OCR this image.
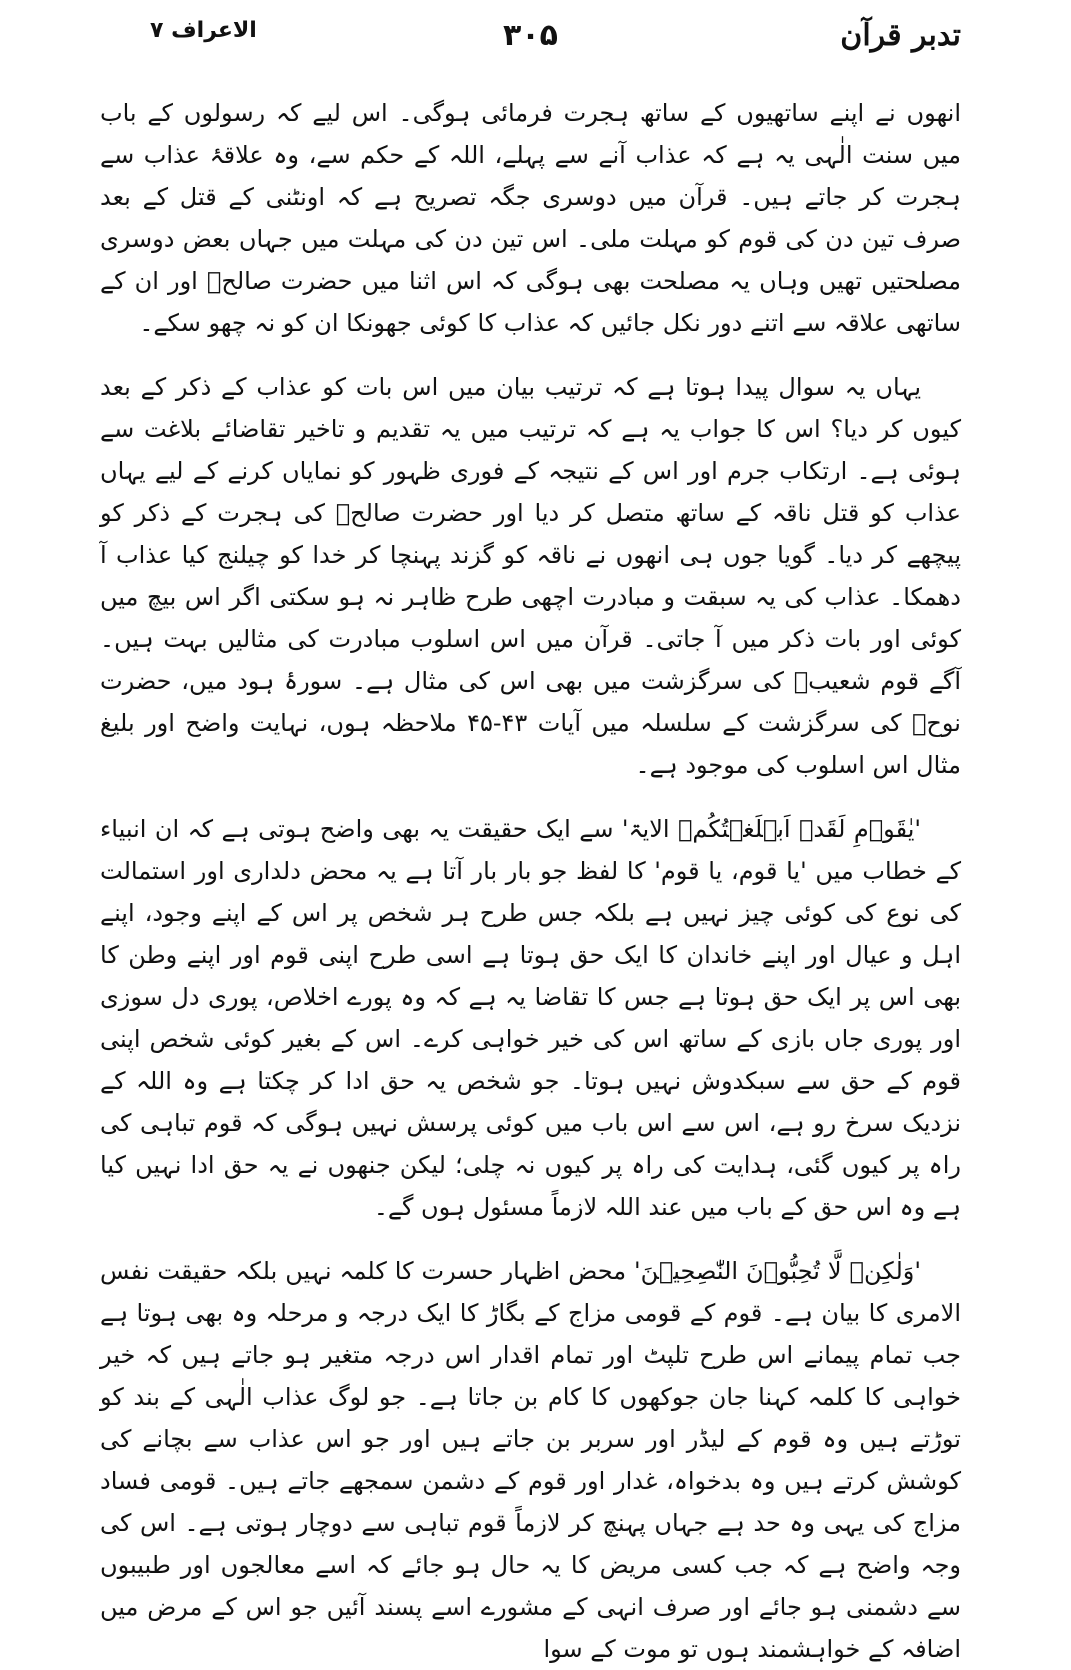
تدبر قرآن
۳۰۵
الاعراف ۷

انھوں نے اپنے ساتھیوں کے ساتھ ہجرت فرمائی ہوگی۔ اس لیے کہ رسولوں کے باب میں سنت الٰہی یہ ہے کہ عذاب آنے سے پہلے، اللہ کے حکم سے، وہ علاقۂ عذاب سے ہجرت کر جاتے ہیں۔ قرآن میں دوسری جگہ تصریح ہے کہ اونٹنی کے قتل کے بعد صرف تین دن کی قوم کو مہلت ملی۔ اس تین دن کی مہلت میں جہاں بعض دوسری مصلحتیں تھیں وہاں یہ مصلحت بھی ہوگی کہ اس اثنا میں حضرت صالحؑ اور ان کے ساتھی علاقہ سے اتنے دور نکل جائیں کہ عذاب کا کوئی جھونکا ان کو نہ چھو سکے۔

یہاں یہ سوال پیدا ہوتا ہے کہ ترتیب بیان میں اس بات کو عذاب کے ذکر کے بعد کیوں کر دیا؟ اس کا جواب یہ ہے کہ ترتیب میں یہ تقدیم و تاخیر تقاضائے بلاغت سے ہوئی ہے۔ ارتکاب جرم اور اس کے نتیجہ کے فوری ظہور کو نمایاں کرنے کے لیے یہاں عذاب کو قتل ناقہ کے ساتھ متصل کر دیا اور حضرت صالحؑ کی ہجرت کے ذکر کو پیچھے کر دیا۔ گویا جوں ہی انھوں نے ناقہ کو گزند پہنچا کر خدا کو چیلنج کیا عذاب آ دھمکا۔ عذاب کی یہ سبقت و مبادرت اچھی طرح ظاہر نہ ہو سکتی اگر اس بیچ میں کوئی اور بات ذکر میں آ جاتی۔ قرآن میں اس اسلوب مبادرت کی مثالیں بہت ہیں۔ آگے قوم شعیبؑ کی سرگزشت میں بھی اس کی مثال ہے۔ سورۂ ہود میں، حضرت نوحؑ کی سرگزشت کے سلسلہ میں آیات ۴۳-۴۵ ملاحظہ ہوں، نہایت واضح اور بلیغ مثال اس اسلوب کی موجود ہے۔

'یٰقَوۡمِ لَقَدۡ اَبۡلَغۡتُکُمۡ الایۃ' سے ایک حقیقت یہ بھی واضح ہوتی ہے کہ ان انبیاء کے خطاب میں 'یا قوم، یا قوم' کا لفظ جو بار بار آتا ہے یہ محض دلداری اور استمالت کی نوع کی کوئی چیز نہیں ہے بلکہ جس طرح ہر شخص پر اس کے اپنے وجود، اپنے اہل و عیال اور اپنے خاندان کا ایک حق ہوتا ہے اسی طرح اپنی قوم اور اپنے وطن کا بھی اس پر ایک حق ہوتا ہے جس کا تقاضا یہ ہے کہ وہ پورے اخلاص، پوری دل سوزی اور پوری جاں بازی کے ساتھ اس کی خیر خواہی کرے۔ اس کے بغیر کوئی شخص اپنی قوم کے حق سے سبکدوش نہیں ہوتا۔ جو شخص یہ حق ادا کر چکتا ہے وہ اللہ کے نزدیک سرخ رو ہے، اس سے اس باب میں کوئی پرسش نہیں ہوگی کہ قوم تباہی کی راہ پر کیوں گئی، ہدایت کی راہ پر کیوں نہ چلی؛ لیکن جنھوں نے یہ حق ادا نہیں کیا ہے وہ اس حق کے باب میں عند اللہ لازماً مسئول ہوں گے۔

'وَلٰکِنۡ لَّا تُحِبُّوۡنَ النّٰصِحِیۡنَ' محض اظہار حسرت کا کلمہ نہیں بلکہ حقیقت نفس الامری کا بیان ہے۔ قوم کے قومی مزاج کے بگاڑ کا ایک درجہ و مرحلہ وہ بھی ہوتا ہے جب تمام پیمانے اس طرح تلپٹ اور تمام اقدار اس درجہ متغیر ہو جاتے ہیں کہ خیر خواہی کا کلمہ کہنا جان جوکھوں کا کام بن جاتا ہے۔ جو لوگ عذاب الٰہی کے بند کو توڑتے ہیں وہ قوم کے لیڈر اور سربر بن جاتے ہیں اور جو اس عذاب سے بچانے کی کوشش کرتے ہیں وہ بدخواہ، غدار اور قوم کے دشمن سمجھے جاتے ہیں۔ قومی فساد مزاج کی یہی وہ حد ہے جہاں پہنچ کر لازماً قوم تباہی سے دوچار ہوتی ہے۔ اس کی وجہ واضح ہے کہ جب کسی مریض کا یہ حال ہو جائے کہ اسے معالجوں اور طبیبوں سے دشمنی ہو جائے اور صرف انہی کے مشورے اسے پسند آئیں جو اس کے مرض میں اضافہ کے خواہشمند ہوں تو موت کے سوا
